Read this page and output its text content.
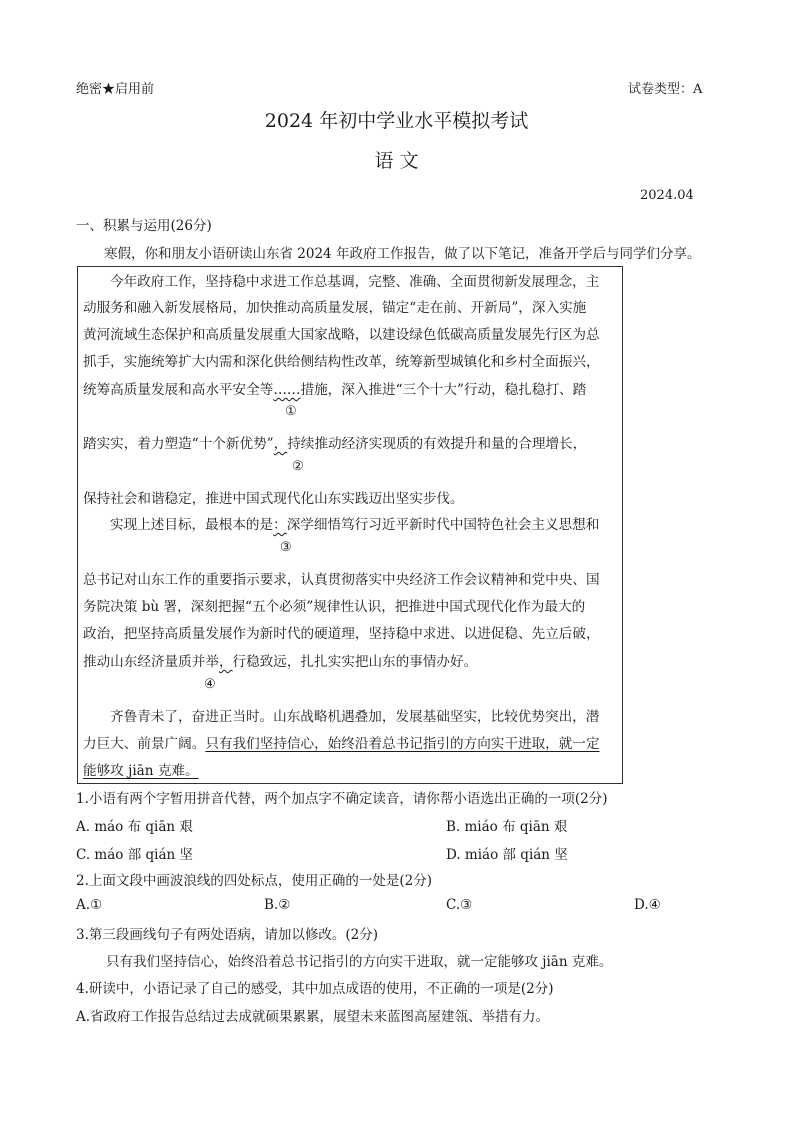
绝密★启用前	试卷类型：A
2024 年初中学业水平模拟考试
语 文
2024.04
一、积累与运用(26分)
寒假，你和朋友小语研读山东省 2024 年政府工作报告，做了以下笔记，准备开学后与同学们分享。
今年政府工作，坚持稳中求进工作总基调，完整、准确、全面贯彻新发展理念，主
动服务和融入新发展格局，加快推动高质量发展，锚定“走在前、开新局”，深入实施
黄河流域生态保护和高质量发展重大国家战略，以建设绿色低碳高质量发展先行区为总
抓手，实施统筹扩大内需和深化供给侧结构性改革，统筹新型城镇化和乡村全面振兴，
统筹高质量发展和高水平安全等……措施，深入推进“三个十大”行动，稳扎稳打、踏
①
踏实实，着力塑造“十个新优势”，持续推动经济实现质的有效提升和量的合理增长，
②
保持社会和谐稳定，推进中国式现代化山东实践迈出坚实步伐。
实现上述目标，最根本的是：深学细悟笃行习近平新时代中国特色社会主义思想和
③
总书记对山东工作的重要指示要求，认真贯彻落实中央经济工作会议精神和党中央、国
务院决策 bù 署，深刻把握“五个必须”规律性认识，把推进中国式现代化作为最大的
政治，把坚持高质量发展作为新时代的硬道理，坚持稳中求进、以进促稳、先立后破，
推动山东经济量质并举，行稳致远，扎扎实实把山东的事情办好。
④
齐鲁青未了，奋进正当时。山东战略机遇叠加，发展基础坚实，比较优势突出，潜
力巨大、前景广阔。只有我们坚持信心，始终沿着总书记指引的方向实干进取，就一定
能够攻 jiān 克难。
1.小语有两个字暂用拼音代替，两个加点字不确定读音，请你帮小语选出正确的一项(2分)
A. máo 布 qiān 艰	B. miáo 布 qiān 艰
C. máo 部 qián 坚	D. miáo 部 qián 坚
2.上面文段中画波浪线的四处标点，使用正确的一处是(2分)
A.①	B.②	C.③	D.④
3.第三段画线句子有两处语病，请加以修改。(2分)
只有我们坚持信心，始终沿着总书记指引的方向实干进取，就一定能够攻 jiān 克难。
4.研读中，小语记录了自己的感受，其中加点成语的使用，不正确的一项是(2分)
A.省政府工作报告总结过去成就硕果累累，展望未来蓝图高屋建瓴、举措有力。
